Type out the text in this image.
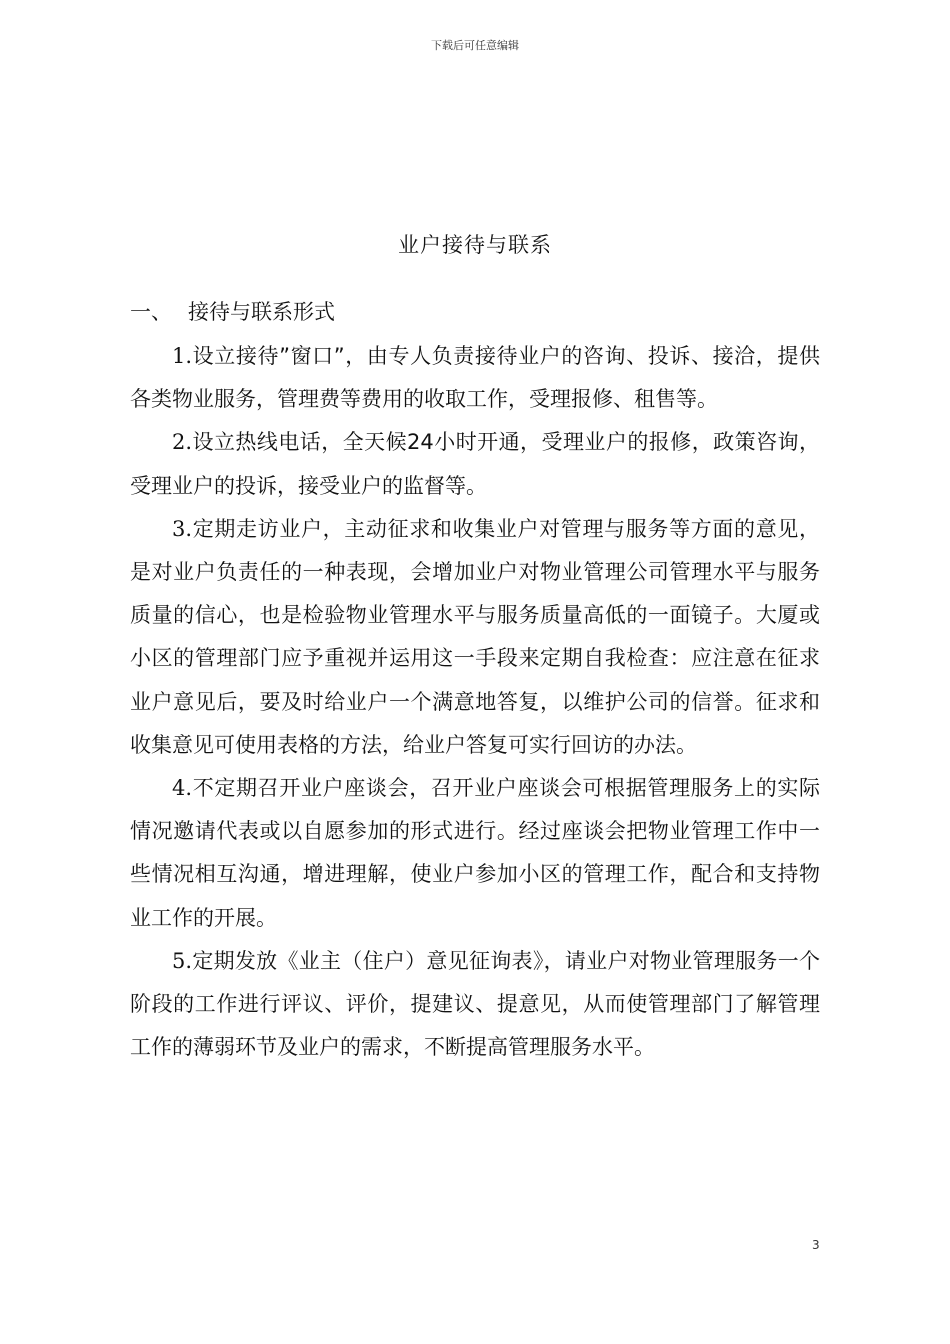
下载后可任意编辑
业户接待与联系
一、 接待与联系形式

1.设立接待”窗口”，由专人负责接待业户的咨询、投诉、接洽，提供各类物业服务，管理费等费用的收取工作，受理报修、租售等。

2.设立热线电话，全天候24小时开通，受理业户的报修，政策咨询，受理业户的投诉，接受业户的监督等。

3.定期走访业户，主动征求和收集业户对管理与服务等方面的意见，是对业户负责任的一种表现，会增加业户对物业管理公司管理水平与服务质量的信心，也是检验物业管理水平与服务质量高低的一面镜子。大厦或小区的管理部门应予重视并运用这一手段来定期自我检查：应注意在征求业户意见后，要及时给业户一个满意地答复，以维护公司的信誉。征求和收集意见可使用表格的方法，给业户答复可实行回访的办法。

4.不定期召开业户座谈会，召开业户座谈会可根据管理服务上的实际情况邀请代表或以自愿参加的形式进行。经过座谈会把物业管理工作中一些情况相互沟通，增进理解，使业户参加小区的管理工作，配合和支持物业工作的开展。

5.定期发放《业主（住户）意见征询表》，请业户对物业管理服务一个阶段的工作进行评议、评价，提建议、提意见，从而使管理部门了解管理工作的薄弱环节及业户的需求，不断提高管理服务水平。

3
